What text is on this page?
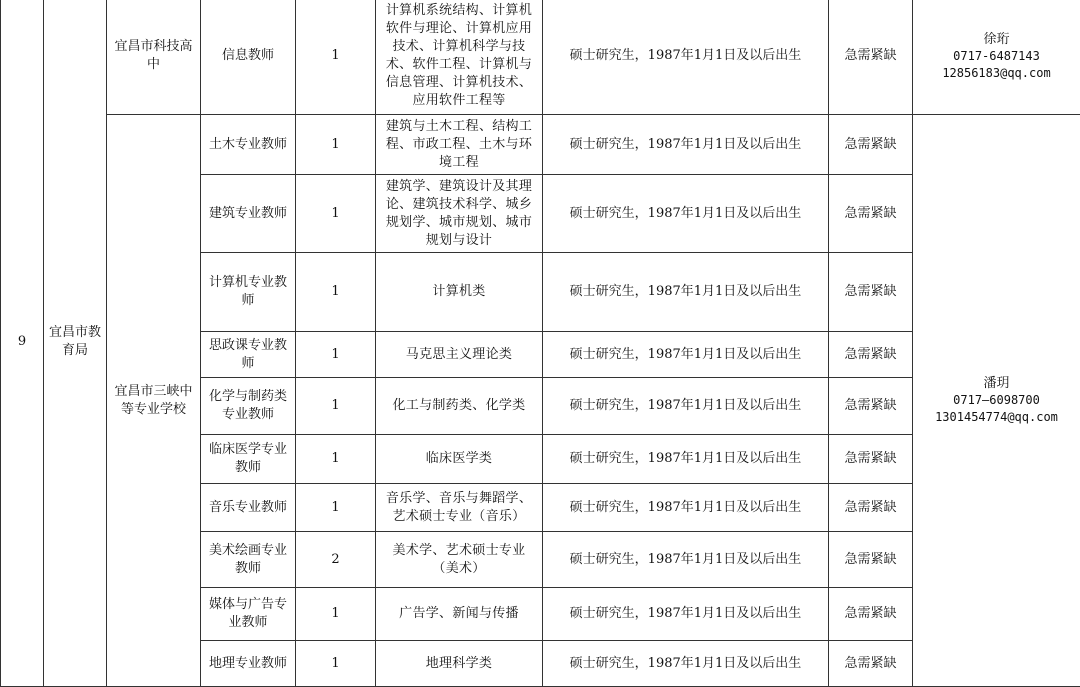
9	宜昌市教育局	宜昌市科技高中	信息教师	1	计算机系统结构、计算机软件与理论、计算机应用技术、计算机科学与技术、软件工程、计算机与信息管理、计算机技术、应用软件工程等	硕士研究生，1987年1月1日及以后出生	急需紧缺	徐珩
0717-6487143
12856183@qq.com

		宜昌市三峡中等专业学校	土木专业教师	1	建筑与土木工程、结构工程、市政工程、土木与环境工程	硕士研究生，1987年1月1日及以后出生	急需紧缺	潘玥
0717—6098700
1301454774@qq.com

			建筑专业教师	1	建筑学、建筑设计及其理论、建筑技术科学、城乡规划学、城市规划、城市规划与设计	硕士研究生，1987年1月1日及以后出生	急需紧缺	
			计算机专业教师	1	计算机类	硕士研究生，1987年1月1日及以后出生	急需紧缺	
			思政课专业教师	1	马克思主义理论类	硕士研究生，1987年1月1日及以后出生	急需紧缺	
			化学与制药类专业教师	1	化工与制药类、化学类	硕士研究生，1987年1月1日及以后出生	急需紧缺	
			临床医学专业教师	1	临床医学类	硕士研究生，1987年1月1日及以后出生	急需紧缺	
			音乐专业教师	1	音乐学、音乐与舞蹈学、艺术硕士专业（音乐）	硕士研究生，1987年1月1日及以后出生	急需紧缺	
			美术绘画专业教师	2	美术学、艺术硕士专业（美术）	硕士研究生，1987年1月1日及以后出生	急需紧缺	
			媒体与广告专业教师	1	广告学、新闻与传播	硕士研究生，1987年1月1日及以后出生	急需紧缺	
			地理专业教师	1	地理科学类	硕士研究生，1987年1月1日及以后出生	急需紧缺	
